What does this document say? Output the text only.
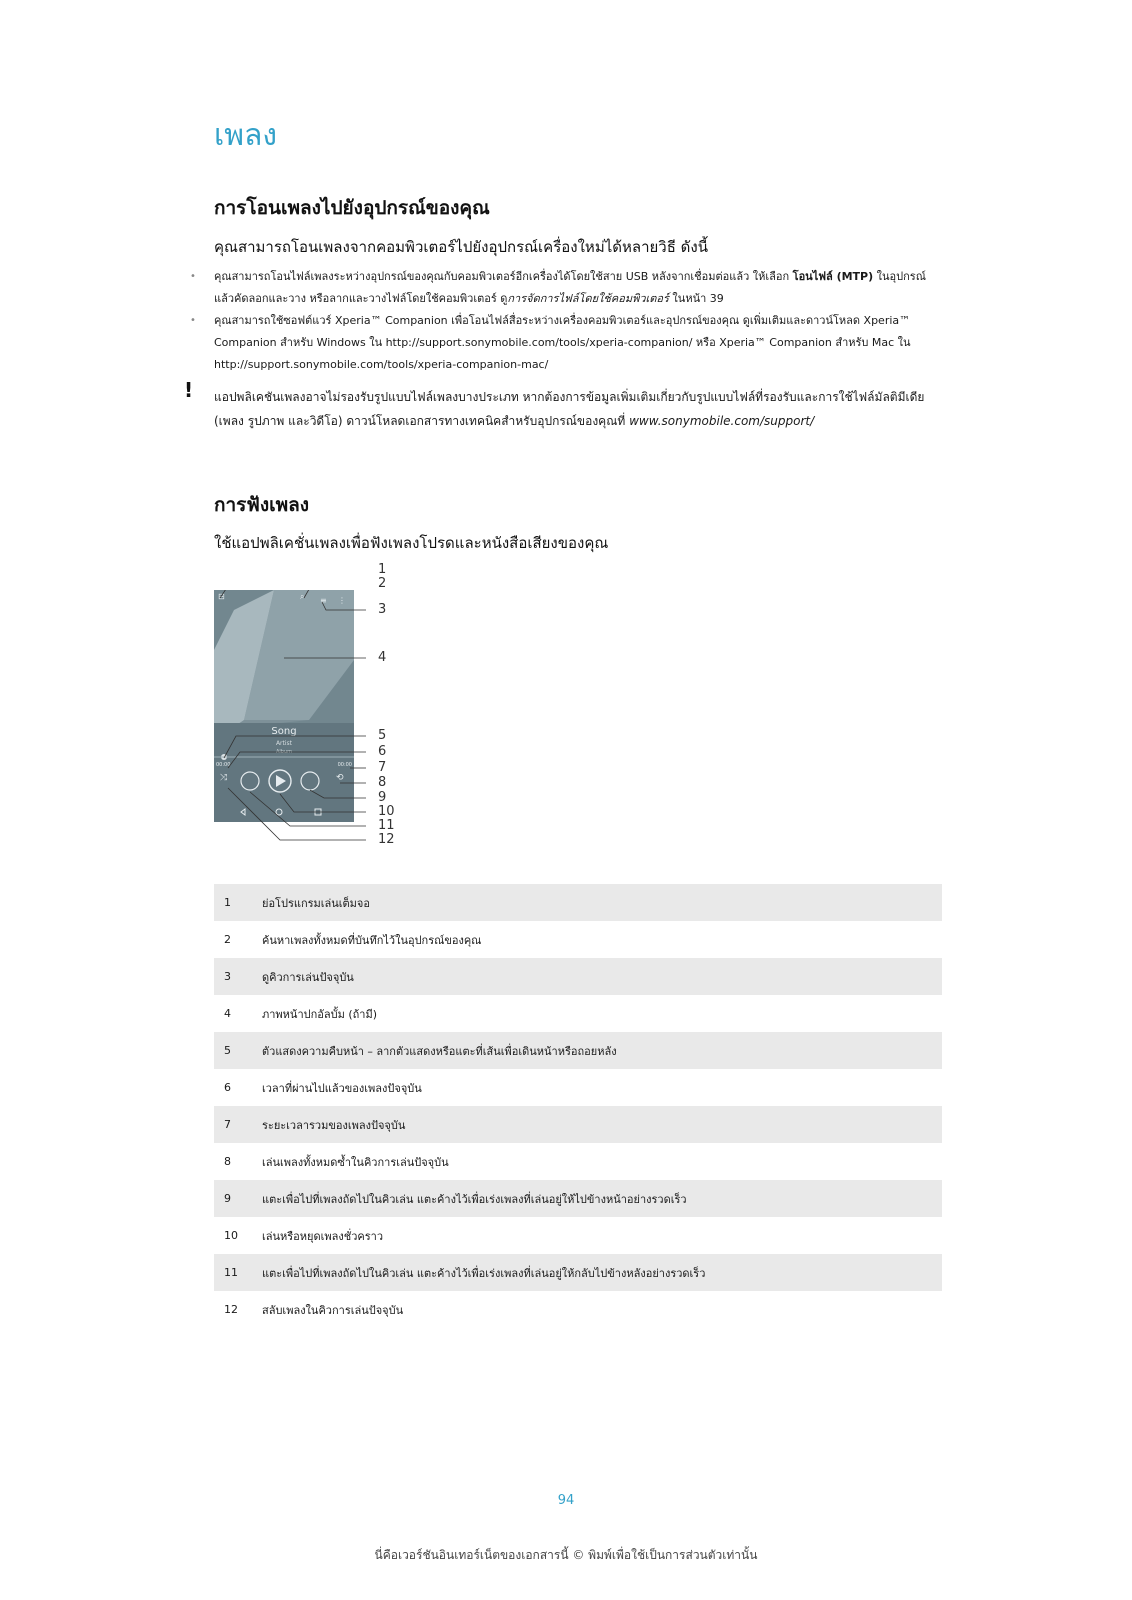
เพลง
การโอนเพลงไปยังอุปกรณ์ของคุณ

คุณสามารถโอนเพลงจากคอมพิวเตอร์ไปยังอุปกรณ์เครื่องใหม่ได้หลายวิธี ดังนี้

• คุณสามารถโอนไฟล์เพลงระหว่างอุปกรณ์ของคุณกับคอมพิวเตอร์อีกเครื่องได้โดยใช้สาย USB หลังจากเชื่อมต่อแล้ว ให้เลือก โอนไฟล์ (MTP) ในอุปกรณ์ แล้วคัดลอกและวาง หรือลากและวางไฟล์โดยใช้คอมพิวเตอร์ ดูการจัดการไฟล์โดยใช้คอมพิวเตอร์ ในหน้า 39
• คุณสามารถใช้ซอฟต์แวร์ Xperia™ Companion เพื่อโอนไฟล์สื่อระหว่างเครื่องคอมพิวเตอร์และอุปกรณ์ของคุณ ดูเพิ่มเติมและดาวน์โหลด Xperia™ Companion สำหรับ Windows ใน http://support.sonymobile.com/tools/xperia-companion/ หรือ Xperia™ Companion สำหรับ Mac ใน http://support.sonymobile.com/tools/xperia-companion-mac/
! แอปพลิเคชันเพลงอาจไม่รองรับรูปแบบไฟล์เพลงบางประเภท หากต้องการข้อมูลเพิ่มเติมเกี่ยวกับรูปแบบไฟล์ที่รองรับและการใช้ไฟล์มัลติมีเดีย (เพลง รูปภาพ และวิดีโอ) ดาวน์โหลดเอกสารทางเทคนิคสำหรับอุปกรณ์ของคุณที่ www.sonymobile.com/support/

การฟังเพลง

ใช้แอปพลิเคชั่นเพลงเพื่อฟังเพลงโปรดและหนังสือเสียงของคุณ

⊟	⌕ ≡ ⋮
Song
Artist
Album
00:00	00:00
⤨	⟲
1
2
3
4
5
6
7
8
9
10
11
12
1	ย่อโปรแกรมเล่นเต็มจอ
2	ค้นหาเพลงทั้งหมดที่บันทึกไว้ในอุปกรณ์ของคุณ
3	ดูคิวการเล่นปัจจุบัน
4	ภาพหน้าปกอัลบั้ม (ถ้ามี)
5	ตัวแสดงความคืบหน้า – ลากตัวแสดงหรือแตะที่เส้นเพื่อเดินหน้าหรือถอยหลัง
6	เวลาที่ผ่านไปแล้วของเพลงปัจจุบัน
7	ระยะเวลารวมของเพลงปัจจุบัน
8	เล่นเพลงทั้งหมดซ้ำในคิวการเล่นปัจจุบัน
9	แตะเพื่อไปที่เพลงถัดไปในคิวเล่น แตะค้างไว้เพื่อเร่งเพลงที่เล่นอยู่ให้ไปข้างหน้าอย่างรวดเร็ว
10	เล่นหรือหยุดเพลงชั่วคราว
11	แตะเพื่อไปที่เพลงถัดไปในคิวเล่น แตะค้างไว้เพื่อเร่งเพลงที่เล่นอยู่ให้กลับไปข้างหลังอย่างรวดเร็ว
12	สลับเพลงในคิวการเล่นปัจจุบัน
94
นี่คือเวอร์ชันอินเทอร์เน็ตของเอกสารนี้ © พิมพ์เพื่อใช้เป็นการส่วนตัวเท่านั้น
